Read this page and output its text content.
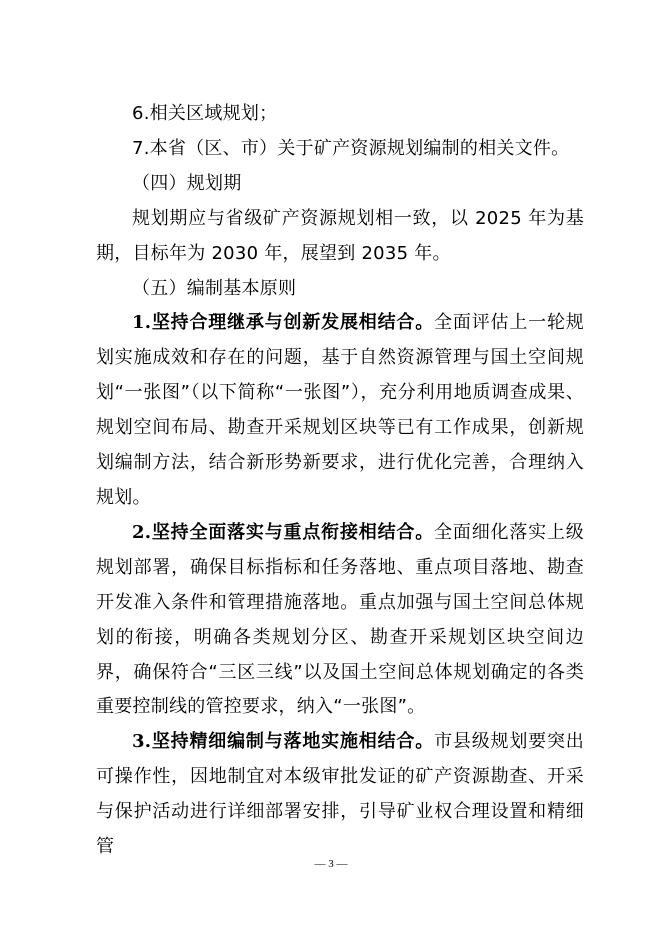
6.相关区域规划；

7.本省（区、市）关于矿产资源规划编制的相关文件。

（四）规划期

规划期应与省级矿产资源规划相一致，以 2025 年为基期，目标年为 2030 年，展望到 2035 年。

（五）编制基本原则

1.坚持合理继承与创新发展相结合。全面评估上一轮规划实施成效和存在的问题，基于自然资源管理与国土空间规划“一张图”（以下简称“一张图”），充分利用地质调查成果、规划空间布局、勘查开采规划区块等已有工作成果，创新规划编制方法，结合新形势新要求，进行优化完善，合理纳入规划。

2.坚持全面落实与重点衔接相结合。全面细化落实上级规划部署，确保目标指标和任务落地、重点项目落地、勘查开发准入条件和管理措施落地。重点加强与国土空间总体规划的衔接，明确各类规划分区、勘查开采规划区块空间边界，确保符合“三区三线”以及国土空间总体规划确定的各类重要控制线的管控要求，纳入“一张图”。

3.坚持精细编制与落地实施相结合。市县级规划要突出可操作性，因地制宜对本级审批发证的矿产资源勘查、开采与保护活动进行详细部署安排，引导矿业权合理设置和精细管

— 3 —
